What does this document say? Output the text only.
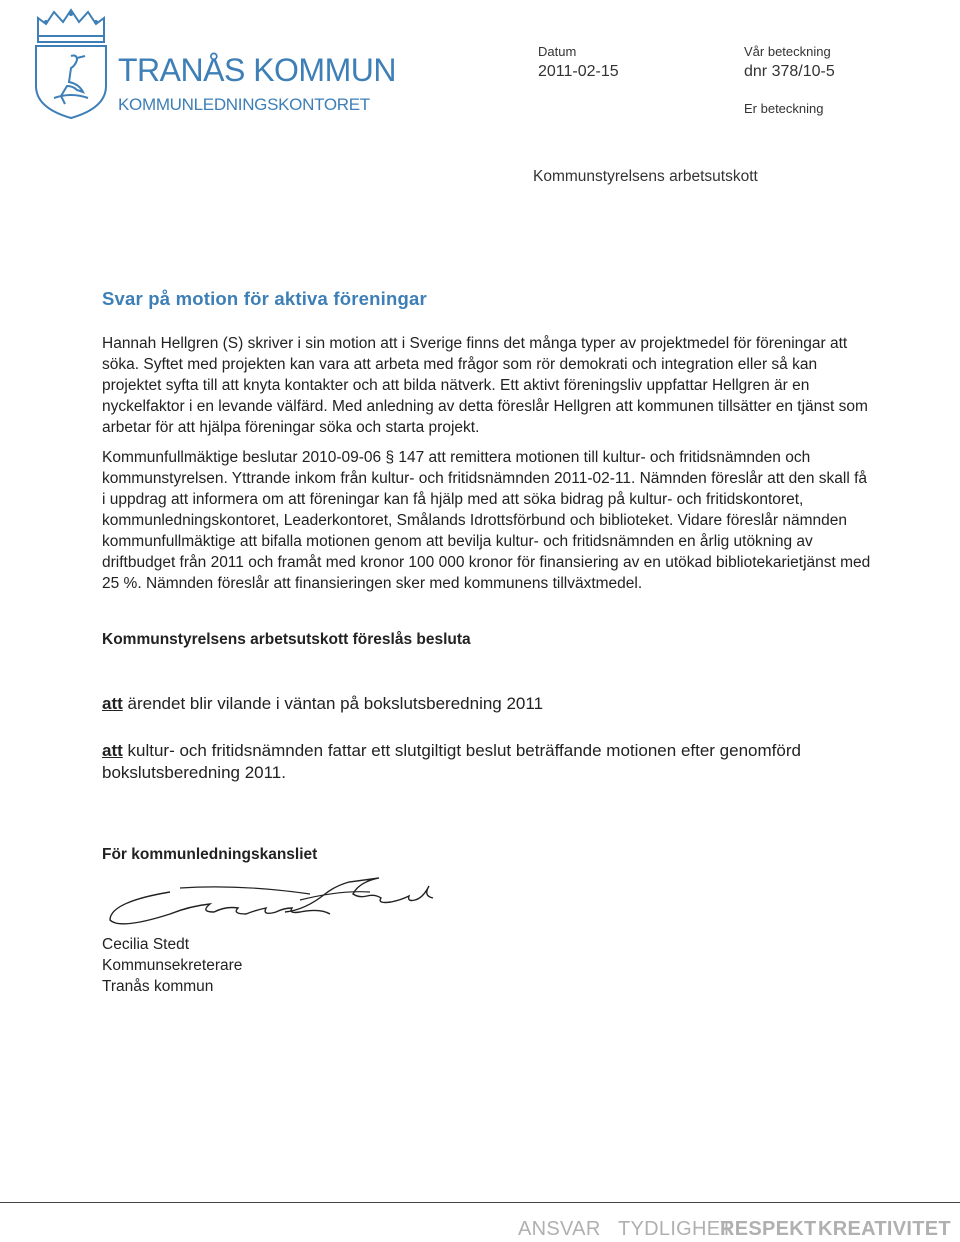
TRANÅS KOMMUN
KOMMUNLEDNINGSKONTORET
Datum
2011-02-15
Vår beteckning
dnr 378/10-5
Er beteckning
Kommunstyrelsens arbetsutskott
Svar på motion för aktiva föreningar

Hannah Hellgren (S) skriver i sin motion att i Sverige finns det många typer av projektmedel för föreningar att söka. Syftet med projekten kan vara att arbeta med frågor som rör demokrati och integration eller så kan projektet syfta till att knyta kontakter och att bilda nätverk. Ett aktivt föreningsliv uppfattar Hellgren är en nyckelfaktor i en levande välfärd. Med anledning av detta föreslår Hellgren att kommunen tillsätter en tjänst som arbetar för att hjälpa föreningar söka och starta projekt.

Kommunfullmäktige beslutar 2010-09-06 § 147 att remittera motionen till kultur- och fritidsnämnden och kommunstyrelsen. Yttrande inkom från kultur- och fritidsnämnden 2011-02-11. Nämnden föreslår att den skall få i uppdrag att informera om att föreningar kan få hjälp med att söka bidrag på kultur- och fritidskontoret, kommunledningskontoret, Leaderkontoret, Smålands Idrottsförbund och biblioteket. Vidare föreslår nämnden kommunfullmäktige att bifalla motionen genom att bevilja kultur- och fritidsnämnden en årlig utökning av driftbudget från 2011 och framåt med kronor 100 000 kronor för finansiering av en utökad bibliotekarietjänst med 25 %. Nämnden föreslår att finansieringen sker med kommunens tillväxtmedel.

Kommunstyrelsens arbetsutskott föreslås besluta

att ärendet blir vilande i väntan på bokslutsberedning 2011

att kultur- och fritidsnämnden fattar ett slutgiltigt beslut beträffande motionen efter genomförd bokslutsberedning 2011.

För kommunledningskansliet
Cecilia Stedt
Kommunsekreterare
Tranås kommun
ANSVAR TYDLIGHET
RESPEKT KREATIVITET
